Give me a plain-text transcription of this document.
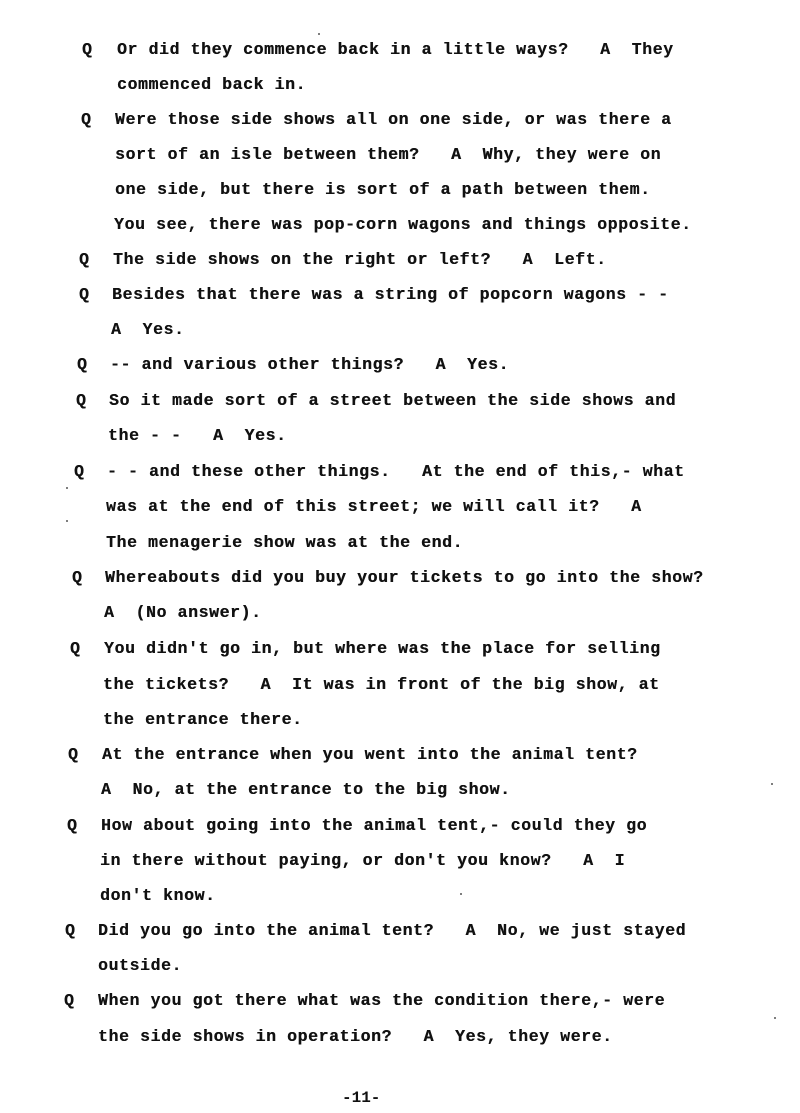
Q Or did they commence back in a little ways?   A  They
commenced back in.
Q Were those side shows all on one side, or was there a
sort of an isle between them?   A  Why, they were on
one side, but there is sort of a path between them.
You see, there was pop-corn wagons and things opposite.
Q The side shows on the right or left?   A  Left.
Q Besides that there was a string of popcorn wagons - -
A  Yes.
Q -- and various other things?   A  Yes.
Q So it made sort of a street between the side shows and
the - -   A  Yes.
Q - - and these other things.   At the end of this,- what
was at the end of this street; we will call it?   A
The menagerie show was at the end.
Q Whereabouts did you buy your tickets to go into the show?
A  (No answer).
Q You didn't go in, but where was the place for selling
the tickets?   A  It was in front of the big show, at
the entrance there.
Q At the entrance when you went into the animal tent?
A  No, at the entrance to the big show.
Q How about going into the animal tent,- could they go
in there without paying, or don't you know?   A  I
don't know.
Q Did you go into the animal tent?   A  No, we just stayed
outside.
Q When you got there what was the condition there,- were
the side shows in operation?   A  Yes, they were.
-11-
